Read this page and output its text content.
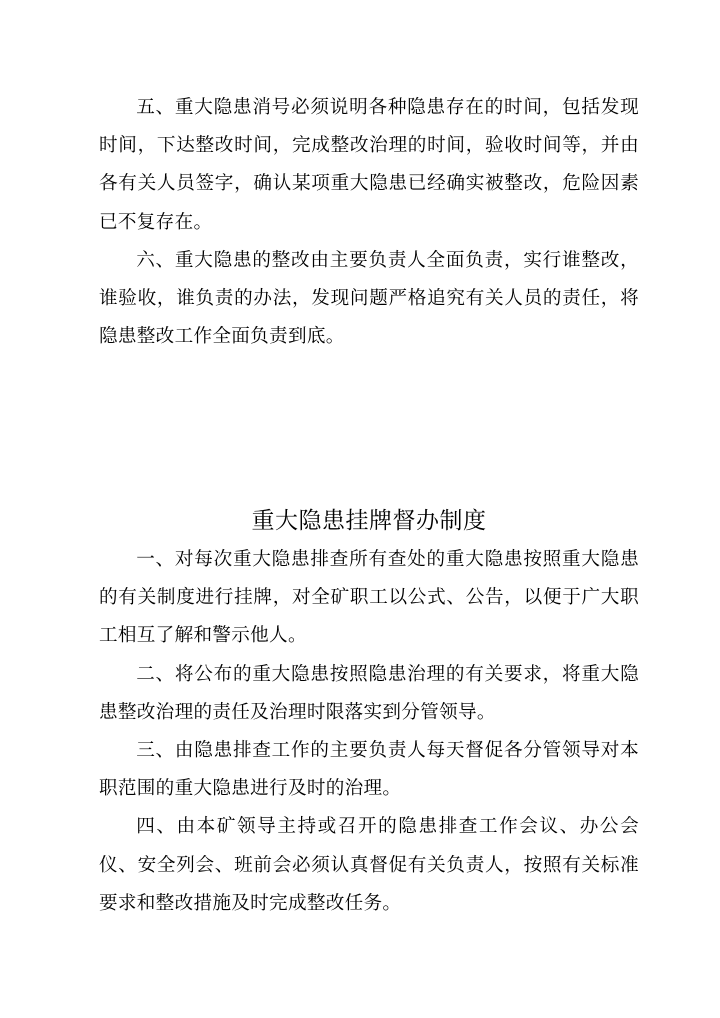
五、重大隐患消号必须说明各种隐患存在的时间，包括发现时间，下达整改时间，完成整改治理的时间，验收时间等，并由各有关人员签字，确认某项重大隐患已经确实被整改，危险因素已不复存在。

六、重大隐患的整改由主要负责人全面负责，实行谁整改，谁验收，谁负责的办法，发现问题严格追究有关人员的责任，将隐患整改工作全面负责到底。

重大隐患挂牌督办制度

一、对每次重大隐患排查所有查处的重大隐患按照重大隐患的有关制度进行挂牌，对全矿职工以公式、公告，以便于广大职工相互了解和警示他人。

二、将公布的重大隐患按照隐患治理的有关要求，将重大隐患整改治理的责任及治理时限落实到分管领导。

三、由隐患排查工作的主要负责人每天督促各分管领导对本职范围的重大隐患进行及时的治理。

四、由本矿领导主持或召开的隐患排查工作会议、办公会仪、安全列会、班前会必须认真督促有关负责人，按照有关标准要求和整改措施及时完成整改任务。
